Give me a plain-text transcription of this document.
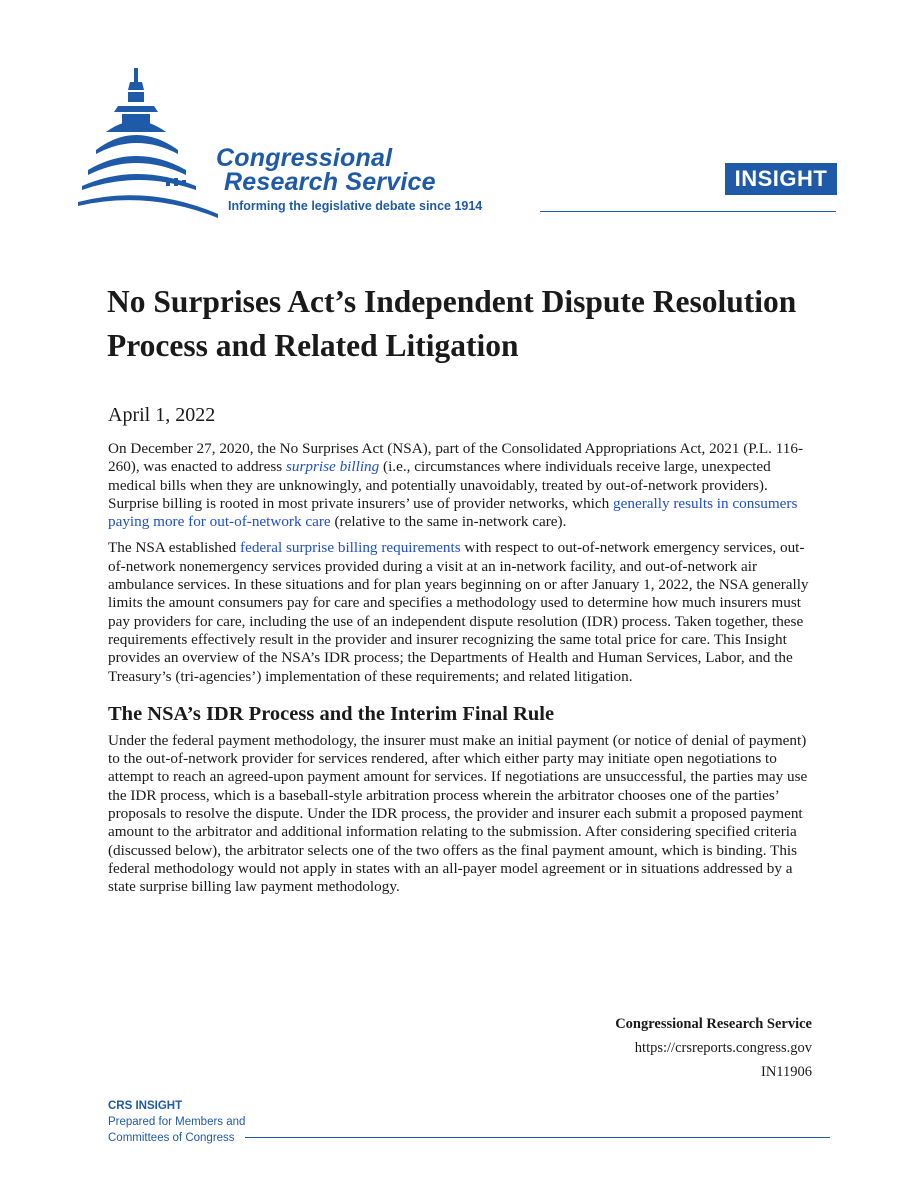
Congressional
Research Service
Informing the legislative debate since 1914
INSIGHT
No Surprises Act’s Independent Dispute Resolution Process and Related Litigation

April 1, 2022

On December 27, 2020, the No Surprises Act (NSA), part of the Consolidated Appropriations Act, 2021 (P.L. 116-260), was enacted to address surprise billing (i.e., circumstances where individuals receive large, unexpected medical bills when they are unknowingly, and potentially unavoidably, treated by out-of-network providers). Surprise billing is rooted in most private insurers’ use of provider networks, which generally results in consumers paying more for out-of-network care (relative to the same in-network care).

The NSA established federal surprise billing requirements with respect to out-of-network emergency services, out-of-network nonemergency services provided during a visit at an in-network facility, and out-of-network air ambulance services. In these situations and for plan years beginning on or after January 1, 2022, the NSA generally limits the amount consumers pay for care and specifies a methodology used to determine how much insurers must pay providers for care, including the use of an independent dispute resolution (IDR) process. Taken together, these requirements effectively result in the provider and insurer recognizing the same total price for care. This Insight provides an overview of the NSA’s IDR process; the Departments of Health and Human Services, Labor, and the Treasury’s (tri-agencies’) implementation of these requirements; and related litigation.

The NSA’s IDR Process and the Interim Final Rule

Under the federal payment methodology, the insurer must make an initial payment (or notice of denial of payment) to the out-of-network provider for services rendered, after which either party may initiate open negotiations to attempt to reach an agreed-upon payment amount for services. If negotiations are unsuccessful, the parties may use the IDR process, which is a baseball-style arbitration process wherein the arbitrator chooses one of the parties’ proposals to resolve the dispute. Under the IDR process, the provider and insurer each submit a proposed payment amount to the arbitrator and additional information relating to the submission. After considering specified criteria (discussed below), the arbitrator selects one of the two offers as the final payment amount, which is binding. This federal methodology would not apply in states with an all-payer model agreement or in situations addressed by a state surprise billing law payment methodology.

Congressional Research Service
https://crsreports.congress.gov
IN11906
CRS INSIGHT
Prepared for Members and
Committees of Congress
